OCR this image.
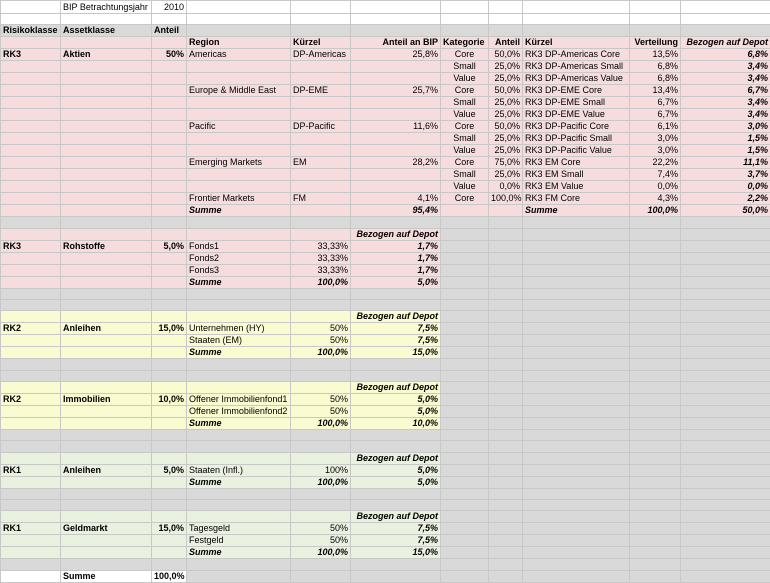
	BIP Betrachtungsjahr	2010								

Risikoklasse	Assetklasse	Anteil								
			Region	Kürzel	Anteil an BIP	Kategorie	Anteil	Kürzel	Verteilung	Bezogen auf Depot
RK3	Aktien	50%	Americas	DP-Americas	25,8%	Core	50,0%	RK3 DP-Americas Core	13,5%	6,8%
						Small	25,0%	RK3 DP-Americas Small	6,8%	3,4%
						Value	25,0%	RK3 DP-Americas Value	6,8%	3,4%
			Europe & Middle East	DP-EME	25,7%	Core	50,0%	RK3 DP-EME Core	13,4%	6,7%
						Small	25,0%	RK3 DP-EME Small	6,7%	3,4%
						Value	25,0%	RK3 DP-EME Value	6,7%	3,4%
			Pacific	DP-Pacific	11,6%	Core	50,0%	RK3 DP-Pacific Core	6,1%	3,0%
						Small	25,0%	RK3 DP-Pacific Small	3,0%	1,5%
						Value	25,0%	RK3 DP-Pacific Value	3,0%	1,5%
			Emerging Markets	EM	28,2%	Core	75,0%	RK3 EM Core	22,2%	11,1%
						Small	25,0%	RK3 EM Small	7,4%	3,7%
						Value	0,0%	RK3 EM Value	0,0%	0,0%
			Frontier Markets	FM	4,1%	Core	100,0%	RK3 FM Core	4,3%	2,2%
			Summe		95,4%			Summe	100,0%	50,0%

					Bezogen auf Depot					
RK3	Rohstoffe	5,0%	Fonds1	33,33%	1,7%					
			Fonds2	33,33%	1,7%					
			Fonds3	33,33%	1,7%					
			Summe	100,0%	5,0%					

					Bezogen auf Depot					
RK2	Anleihen	15,0%	Unternehmen (HY)	50%	7,5%					
			Staaten (EM)	50%	7,5%					
			Summe	100,0%	15,0%					

					Bezogen auf Depot					
RK2	Immobilien	10,0%	Offener Immobilienfond1	50%	5,0%					
			Offener Immobilienfond2	50%	5,0%					
			Summe	100,0%	10,0%					

					Bezogen auf Depot					
RK1	Anleihen	5,0%	Staaten (Infl.)	100%	5,0%					
			Summe	100,0%	5,0%					

					Bezogen auf Depot					
RK1	Geldmarkt	15,0%	Tagesgeld	50%	7,5%					
			Festgeld	50%	7,5%					
			Summe	100,0%	15,0%					

	Summe	100,0%								
